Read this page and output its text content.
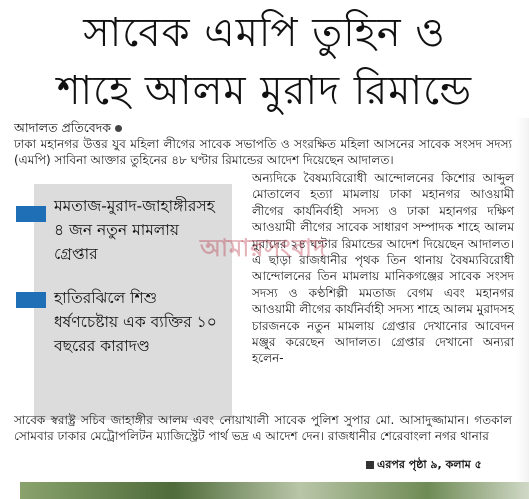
সাবেক এমপি তুহিন ও
শাহে আলম মুরাদ রিমান্ডে
আদালত প্রতিবেদক

ঢাকা মহানগর উত্তর যুব মহিলা লীগের সাবেক সভাপতি ও সংরক্ষিত মহিলা আসনের সাবেক সংসদ সদস্য (এমপি) সাবিনা আক্তার তুহিনের ৪৮ ঘণ্টার রিমান্ডের আদেশ দিয়েছেন আদালত।

মমতাজ-মুরাদ-জাহাঙ্গীরসহ ৪ জন নতুন মামলায় গ্রেপ্তার

হাতিরঝিলে শিশু ধর্ষণচেষ্টায় এক ব্যক্তির ১০ বছরের কারাদণ্ড

অন্যদিকে বৈষম্যবিরোধী আন্দোলনের কিশোর আব্দুল মোতালেব হত্যা মামলায় ঢাকা মহানগর আওয়ামী লীগের কার্যনির্বাহী সদস্য ও ঢাকা মহানগর দক্ষিণ আওয়ামী লীগের সাবেক সাধারণ সম্পাদক শাহে আলম মুরাদের ২৪ ঘণ্টার রিমান্ডের আদেশ দিয়েছেন আদালত। এ ছাড়া রাজধানীর পৃথক তিন থানায় বৈষম্যবিরোধী আন্দোলনের তিন মামলায় মানিকগঞ্জের সাবেক সংসদ সদস্য ও কণ্ঠশিল্পী মমতাজ বেগম এবং মহানগর আওয়ামী লীগের কার্যনির্বাহী সদস্য শাহে আলম মুরাদসহ চারজনকে নতুন মামলায় গ্রেপ্তার দেখানোর আবেদন মঞ্জুর করেছেন আদালত। গ্রেপ্তার দেখানো অন্যরা হলেন-

আমারসংবাদ

সাবেক স্বরাষ্ট্র সচিব জাহাঙ্গীর আলম এবং নোয়াখালী সাবেক পুলিশ সুপার মো. আসাদুজ্জামান। গতকাল সোমবার ঢাকার মেট্রোপলিটন ম্যাজিস্ট্রেট পার্থ ভদ্র এ আদেশ দেন। রাজধানীর শেরেবাংলা নগর থানার

এরপর পৃষ্ঠা ৯, কলাম ৫
